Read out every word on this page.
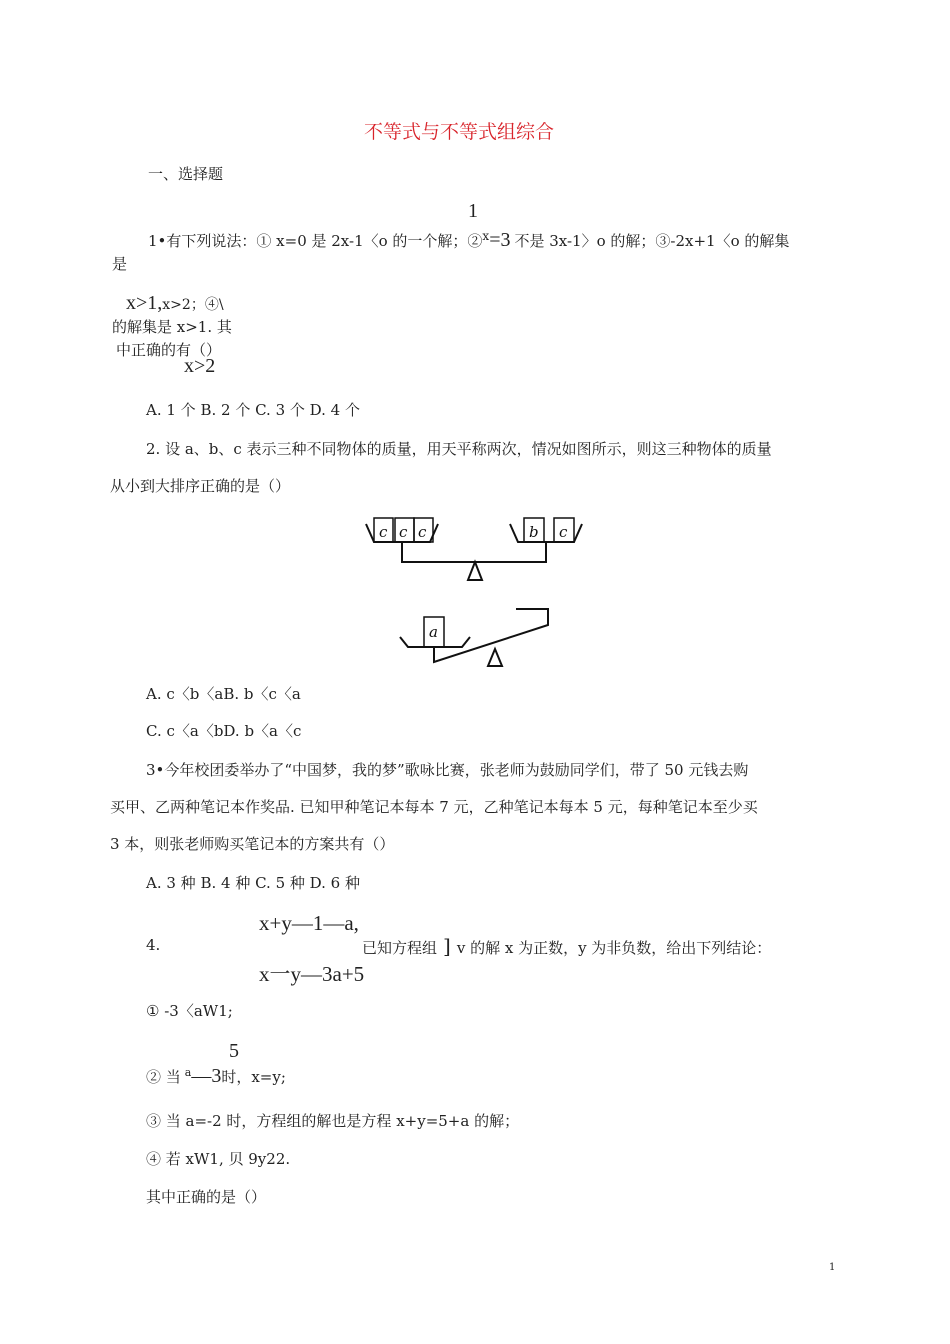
不等式与不等式组综合
一、选择题
1
1•有下列说法：① x=0 是 2x-1〈o 的一个解；②$^x$=3 不是 3x-1〉o 的解；③-2x+1〈o 的解集
是
x>1,x>2；④\
的解集是 x>1. 其
中正确的有（）
x>2
A. 1 个 B. 2 个 C. 3 个 D. 4 个
2. 设 a、b、c 表示三种不同物体的质量，用天平称两次，情况如图所示，则这三种物体的质量
从小到大排序正确的是（）
c c c	b c
a
A. c〈b〈aB. b〈c〈a
C. c〈a〈bD. b〈a〈c
3•今年校团委举办了“中国梦，我的梦”歌咏比赛，张老师为鼓励同学们，带了 50 元钱去购
买甲、乙两种笔记本作奖品. 已知甲种笔记本每本 7 元，乙种笔记本每本 5 元，每种笔记本至少买
3 本，则张老师购买笔记本的方案共有（）
A. 3 种 B. 4 种 C. 5 种 D. 6 种
x+y—1—a,
4.	已知方程组 ] v 的解 x 为正数，y 为非负数，给出下列结论：
x一y—3a+5
① -3〈aW1;
5
② 当 $^a$—3时，x=y;
③ 当 a=-2 时，方程组的解也是方程 x+y=5+a 的解；
④ 若 xW1, 贝 9y22.
其中正确的是（）
1
